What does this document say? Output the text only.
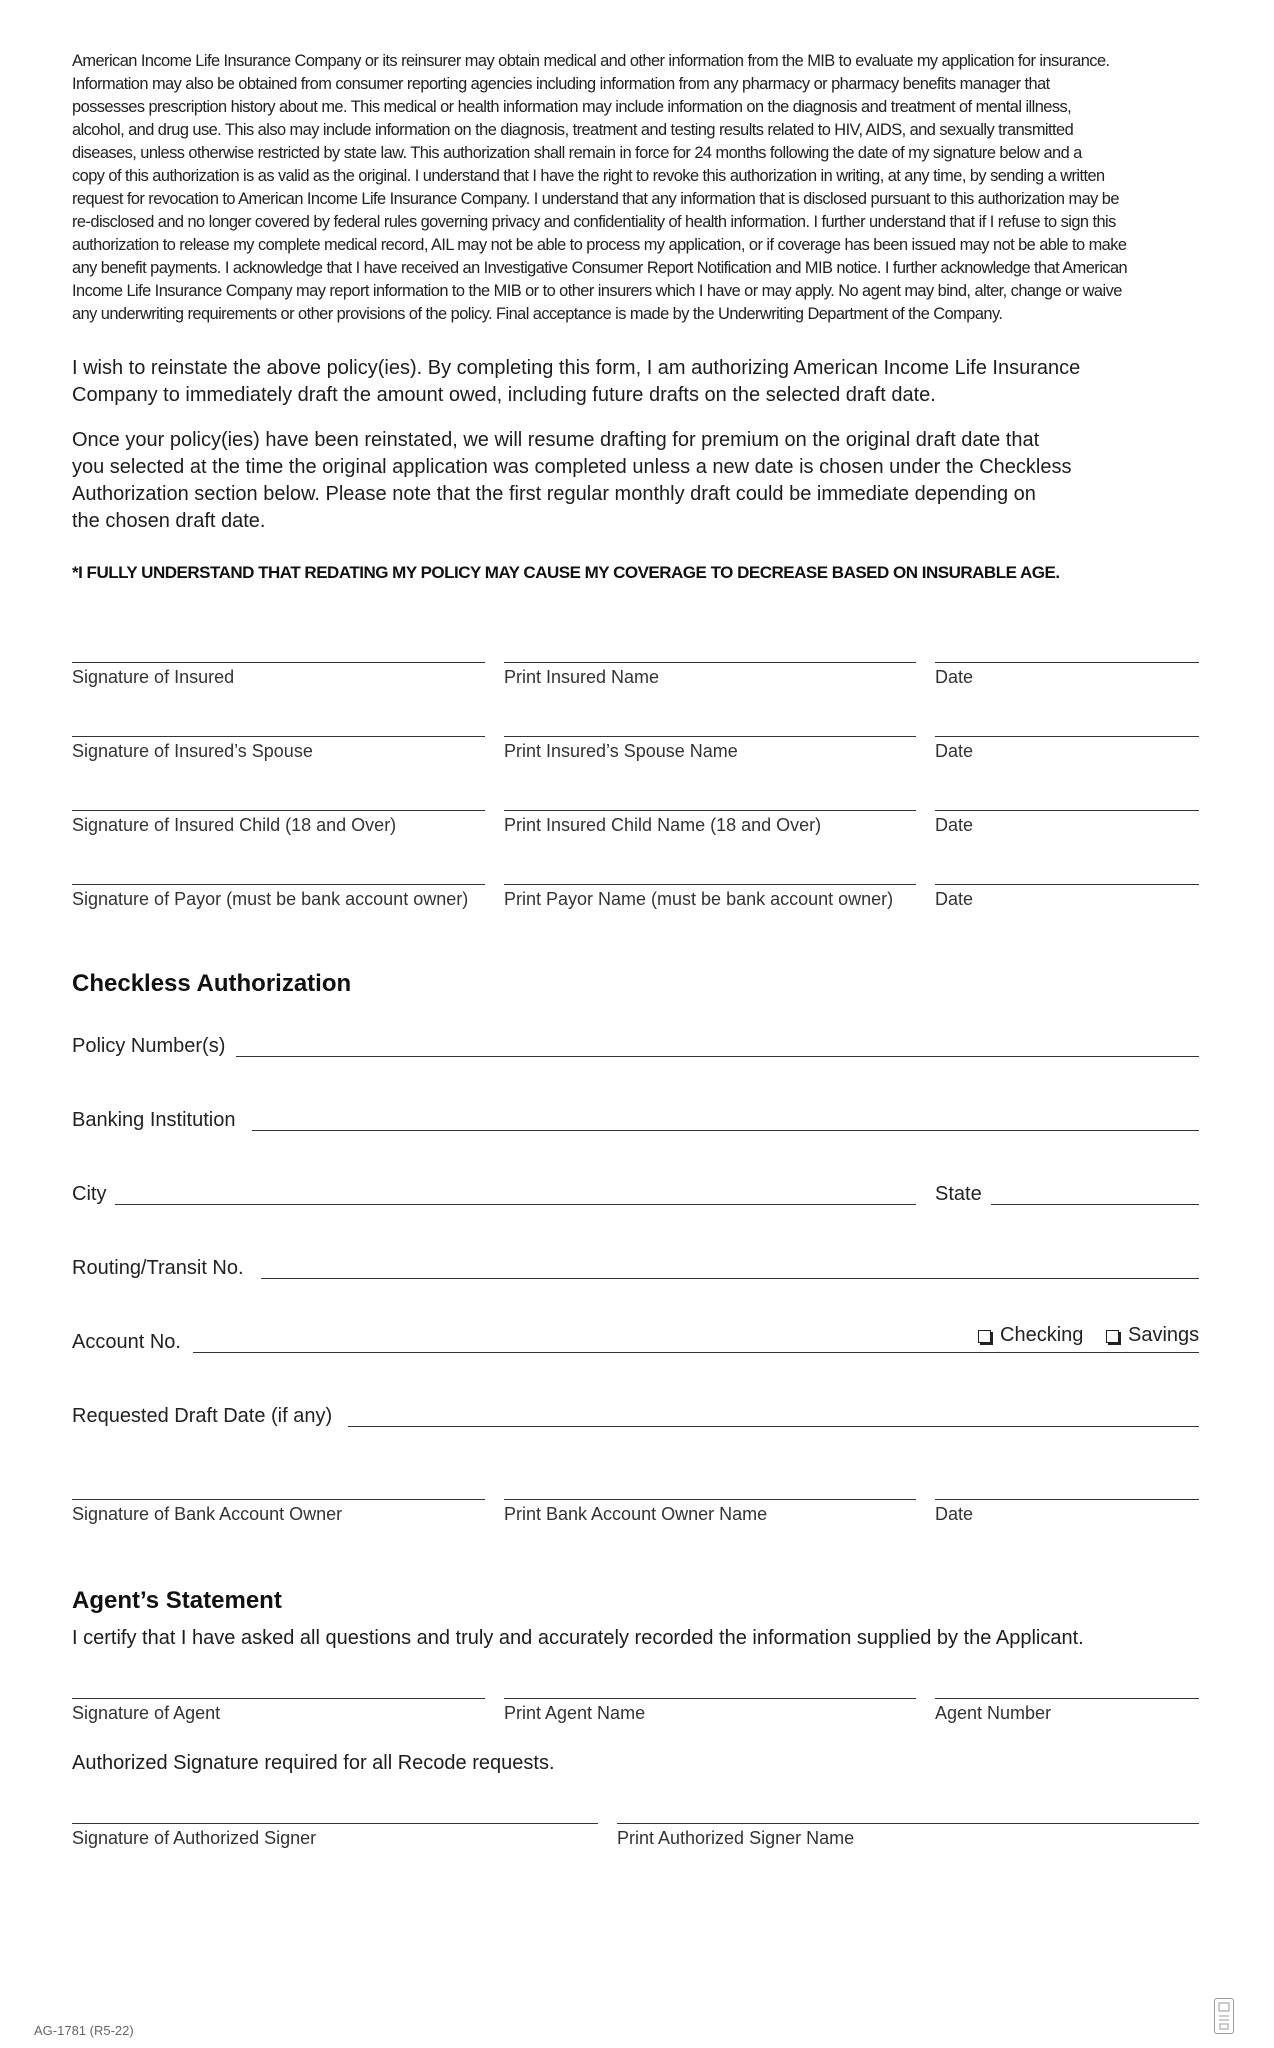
American Income Life Insurance Company or its reinsurer may obtain medical and other information from the MIB to evaluate my application for insurance.
Information may also be obtained from consumer reporting agencies including information from any pharmacy or pharmacy benefits manager that
possesses prescription history about me. This medical or health information may include information on the diagnosis and treatment of mental illness,
alcohol, and drug use. This also may include information on the diagnosis, treatment and testing results related to HIV, AIDS, and sexually transmitted
diseases, unless otherwise restricted by state law. This authorization shall remain in force for 24 months following the date of my signature below and a
copy of this authorization is as valid as the original. I understand that I have the right to revoke this authorization in writing, at any time, by sending a written
request for revocation to American Income Life Insurance Company. I understand that any information that is disclosed pursuant to this authorization may be
re-disclosed and no longer covered by federal rules governing privacy and confidentiality of health information. I further understand that if I refuse to sign this
authorization to release my complete medical record, AIL may not be able to process my application, or if coverage has been issued may not be able to make
any benefit payments. I acknowledge that I have received an Investigative Consumer Report Notification and MIB notice. I further acknowledge that American
Income Life Insurance Company may report information to the MIB or to other insurers which I have or may apply. No agent may bind, alter, change or waive
any underwriting requirements or other provisions of the policy. Final acceptance is made by the Underwriting Department of the Company.
I wish to reinstate the above policy(ies). By completing this form, I am authorizing American Income Life Insurance
Company to immediately draft the amount owed, including future drafts on the selected draft date.
Once your policy(ies) have been reinstated, we will resume drafting for premium on the original draft date that
you selected at the time the original application was completed unless a new date is chosen under the Checkless
Authorization section below. Please note that the first regular monthly draft could be immediate depending on
the chosen draft date.
*I FULLY UNDERSTAND THAT REDATING MY POLICY MAY CAUSE MY COVERAGE TO DECREASE BASED ON INSURABLE AGE.
Signature of Insured	Print Insured Name	Date
Signature of Insured’s Spouse	Print Insured’s Spouse Name	Date
Signature of Insured Child (18 and Over)	Print Insured Child Name (18 and Over)	Date
Signature of Payor (must be bank account owner) Print Payor Name (must be bank account owner) Date
Checkless Authorization
Policy Number(s)
Banking Institution
City	State
Routing/Transit No.
Account No.	Checking Savings
Requested Draft Date (if any)
Signature of Bank Account Owner	Print Bank Account Owner Name	Date
Agent’s Statement
I certify that I have asked all questions and truly and accurately recorded the information supplied by the Applicant.
Signature of Agent	Print Agent Name	Agent Number
Authorized Signature required for all Recode requests.
Signature of Authorized Signer	Print Authorized Signer Name
AG-1781 (R5-22)
